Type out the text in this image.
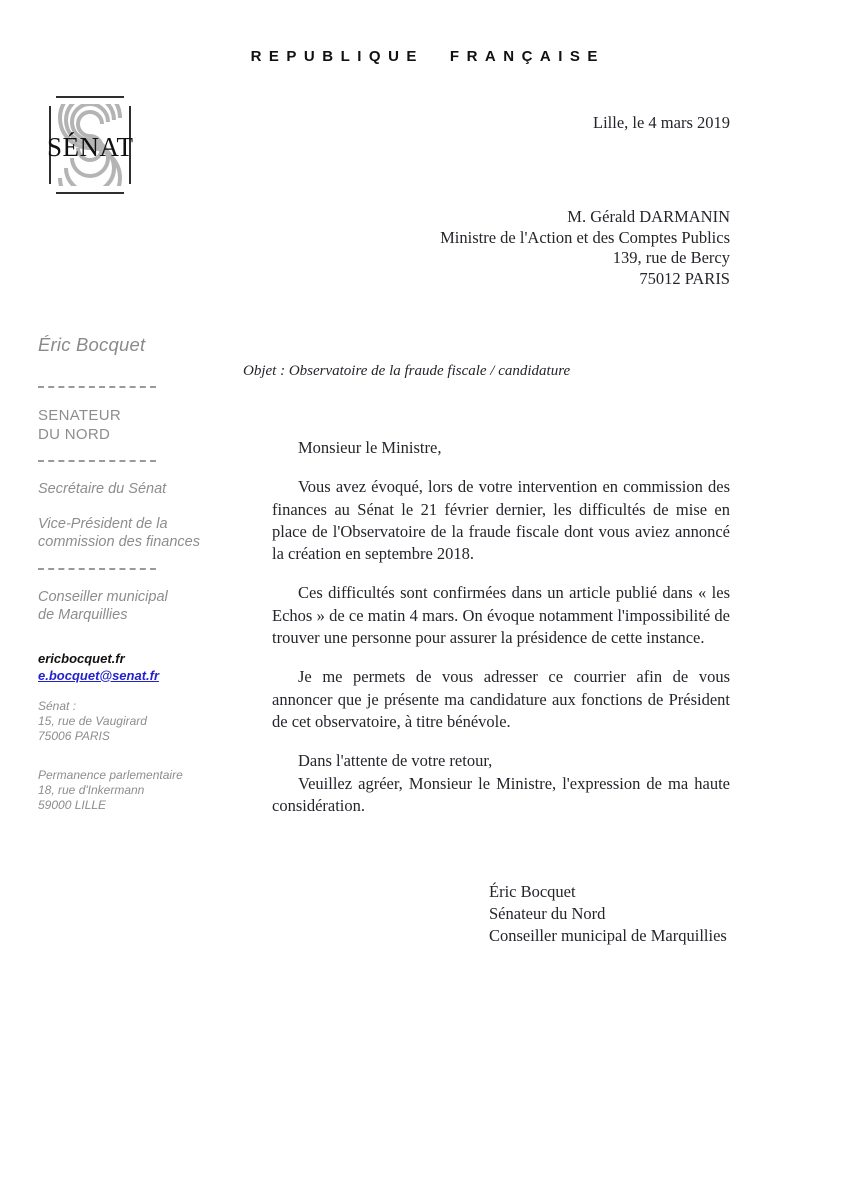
REPUBLIQUE FRANÇAISE
SÉNAT
Lille, le 4 mars 2019
M. Gérald DARMANIN
Ministre de l'Action et des Comptes Publics
139, rue de Bercy
75012 PARIS
Éric Bocquet
SENATEUR
DU NORD
Secrétaire du Sénat
Vice-Président de la
commission des finances
Conseiller municipal
de Marquillies
ericbocquet.fr
e.bocquet@senat.fr
Sénat :
15, rue de Vaugirard
75006 PARIS
Permanence parlementaire
18, rue d'Inkermann
59000 LILLE
Objet : Observatoire de la fraude fiscale / candidature

Monsieur le Ministre,

Vous avez évoqué, lors de votre intervention en commission des finances au Sénat le 21 février dernier, les difficultés de mise en place de l'Observatoire de la fraude fiscale dont vous aviez annoncé la création en septembre 2018.

Ces difficultés sont confirmées dans un article publié dans « les Echos » de ce matin 4 mars. On évoque notamment l'impossibilité de trouver une personne pour assurer la présidence de cette instance.

Je me permets de vous adresser ce courrier afin de vous annoncer que je présente ma candidature aux fonctions de Président de cet observatoire, à titre bénévole.

Dans l'attente de votre retour,

Veuillez agréer, Monsieur le Ministre, l'expression de ma haute considération.

Éric Bocquet
Sénateur du Nord
Conseiller municipal de Marquillies
